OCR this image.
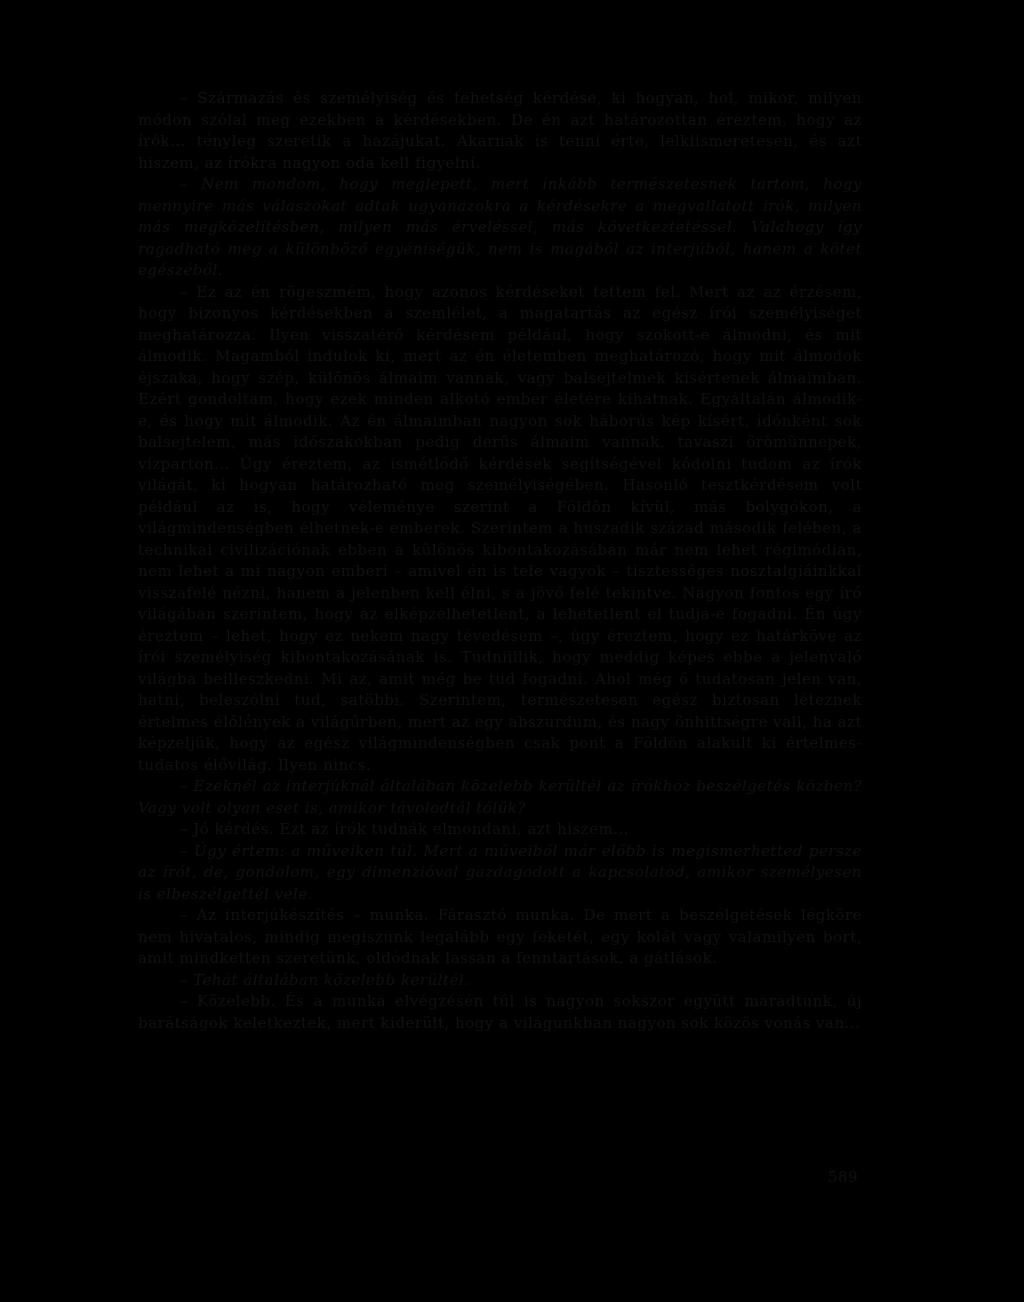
– Származás és személyiség és tehetség kérdése, ki hogyan, hol, mikor, milyen módon szólal meg ezekben a kérdésekben. De én azt határozottan éreztem, hogy az írók... tényleg szeretik a hazájukat. Akarnak is tenni érte, lelkiismeretesen, és azt hiszem, az írókra nagyon oda kell figyelni.

– Nem mondom, hogy meglepett, mert inkább természetesnek tartom, hogy mennyire más válaszokat adtak ugyanazokra a kérdésekre a megvallatott írók, milyen más megközelítésben, milyen más érveléssel, más következtetéssel. Valahogy így ragadható meg a különböző egyéniségük, nem is magából az interjúból, hanem a kötet egészéből.

– Ez az én rögeszmém, hogy azonos kérdéseket tettem fel. Mert az az érzésem, hogy bizonyos kérdésekben a szemlélet, a magatartás az egész írói személyiséget meghatározza. Ilyen visszatérő kérdésem például, hogy szokott-e álmodni, és mit álmodik. Magamból indulok ki, mert az én életemben meghatározó, hogy mit álmodok éjszaka, hogy szép, különös álmaim vannak, vagy balsejtelmek kísértenek álmaimban. Ezért gondoltam, hogy ezek minden alkotó ember életére kihatnak. Egyáltalán álmodik-e, és hogy mit álmodik. Az én álmaimban nagyon sok háborús kép kísért, időnként sok balsejtelem, más időszakokban pedig derűs álmaim vannak, tavaszi örömünnepek, vízparton... Úgy éreztem, az ismétlődő kérdések segítségével kódolni tudom az írók világát, ki hogyan határozható meg személyiségében. Hasonló tesztkérdésem volt például az is, hogy véleménye szerint a Földön kívül, más bolygókon, a világmindenségben élhetnek-e emberek. Szerintem a huszadik század második felében, a technikai civilizációnak ebben a különös kibontakozásában már nem lehet régimódian, nem lehet a mi nagyon emberi – amivel én is tele vagyok – tisztességes nosztalgiáinkkal visszafelé nézni, hanem a jelenben kell élni, s a jövő felé tekintve. Nagyon fontos egy író világában szerintem, hogy az elképzelhetetlent, a lehetetlent el tudja-e fogadni. Én úgy éreztem – lehet, hogy ez nekem nagy tévedésem –, úgy éreztem, hogy ez határköve az írói személyiség kibontakozásának is. Tudniillik, hogy meddig képes ebbe a jelenvaló világba beilleszkedni. Mi az, amit még be tud fogadni. Ahol még ő tudatosan jelen van, hatni, beleszólni tud, satöbbi. Szerintem, természetesen egész biztosan léteznek értelmes élőlények a világűrben, mert az egy abszurdum, és nagy önhittségre vall, ha azt képzeljük, hogy az egész világmindenségben csak pont a Földön alakult ki értelmes-tudatos élővilág. Ilyen nincs.

– Ezeknél az interjúknál általában közelebb kerültél az írókhoz beszélgetés közben? Vagy volt olyan eset is, amikor távolodtál tőlük?

– Jó kérdés. Ezt az írók tudnák elmondani, azt hiszem...

– Úgy értem: a műveiken túl. Mert a műveiből már előbb is megismerhetted persze az írót, de, gondolom, egy dimenzióval gazdagodott a kapcsolatod, amikor személyesen is elbeszélgettél vele.

– Az interjúkészítés – munka. Fárasztó munka. De mert a beszélgetések légköre nem hivatalos, mindig megiszunk legalább egy feketét, egy kolát vagy valamilyen bort, amit mindketten szeretünk, oldódnak lassan a fenntartások, a gátlások.

– Tehát általában közelebb kerültél.

– Közelebb. És a munka elvégzésén túl is nagyon sokszor együtt maradtunk, új barátságok keletkeztek, mert kiderült, hogy a világunkban nagyon sok közös vonás van...

589
